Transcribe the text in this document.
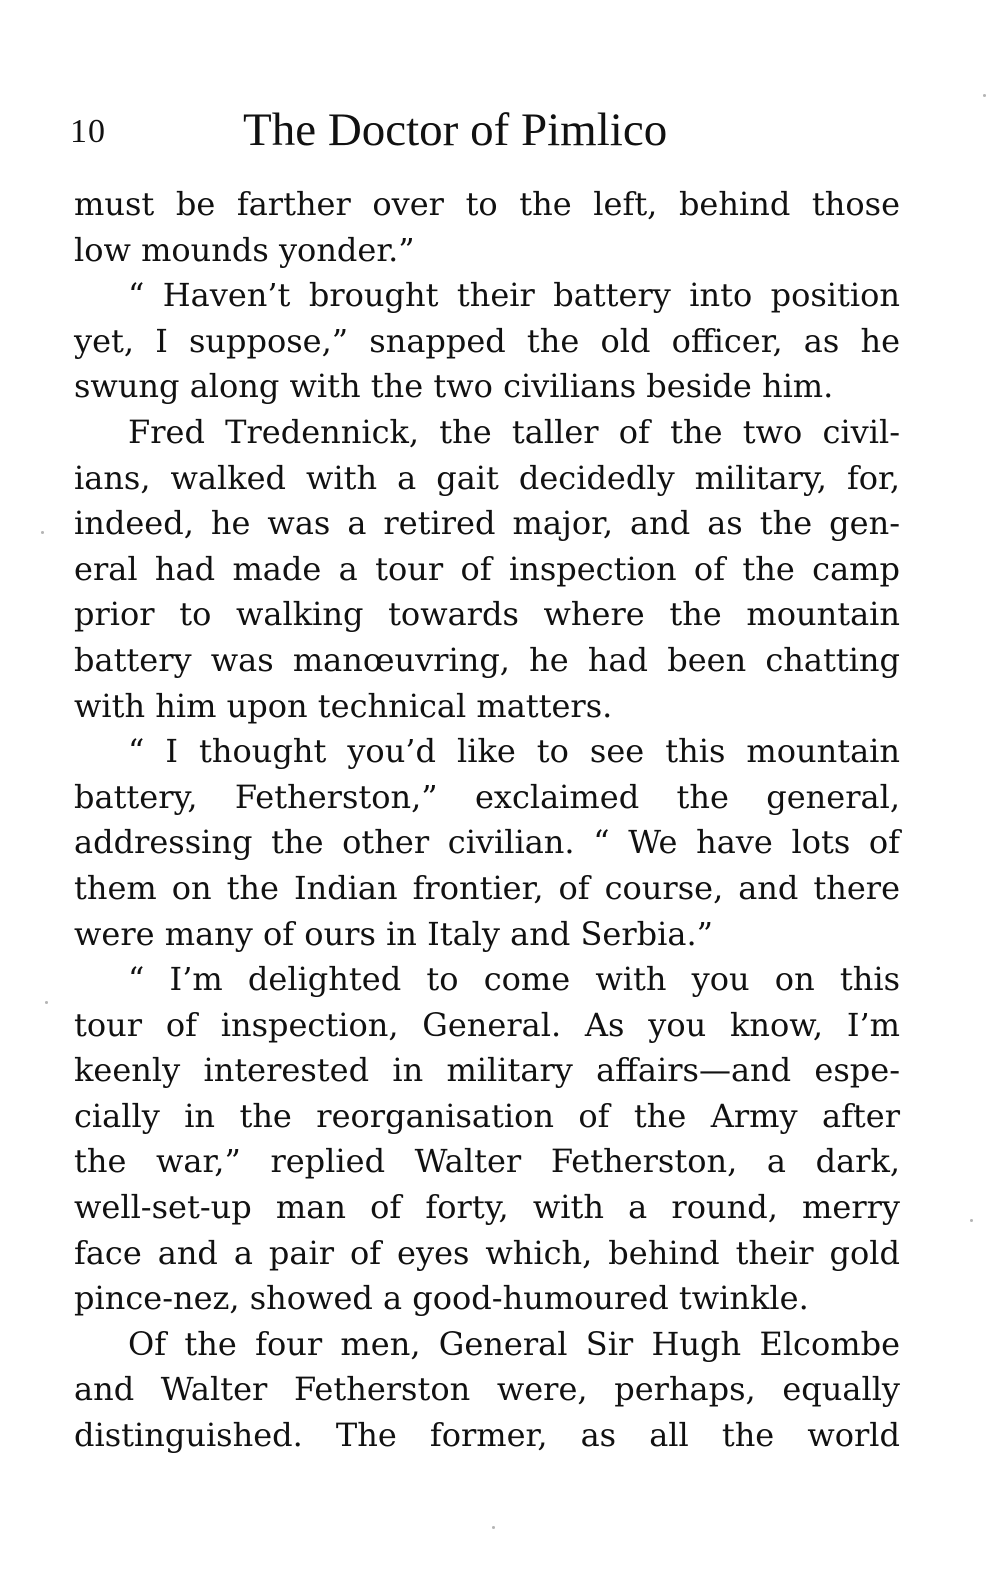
10	The Doctor of Pimlico
must be farther over to the left, behind those
low mounds yonder.”
“ Haven’t brought their battery into position
yet, I suppose,” snapped the old officer, as he
swung along with the two civilians beside him.
Fred Tredennick, the taller of the two civil-
ians, walked with a gait decidedly military, for,
indeed, he was a retired major, and as the gen-
eral had made a tour of inspection of the camp
prior to walking towards where the mountain
battery was manœuvring, he had been chatting
with him upon technical matters.
“ I thought you’d like to see this mountain
battery, Fetherston,” exclaimed the general,
addressing the other civilian. “ We have lots of
them on the Indian frontier, of course, and there
were many of ours in Italy and Serbia.”
“ I’m delighted to come with you on this
tour of inspection, General. As you know, I’m
keenly interested in military affairs—and espe-
cially in the reorganisation of the Army after
the war,” replied Walter Fetherston, a dark,
well-set-up man of forty, with a round, merry
face and a pair of eyes which, behind their gold
pince-nez, showed a good-humoured twinkle.
Of the four men, General Sir Hugh Elcombe
and Walter Fetherston were, perhaps, equally
distinguished. The former, as all the world
